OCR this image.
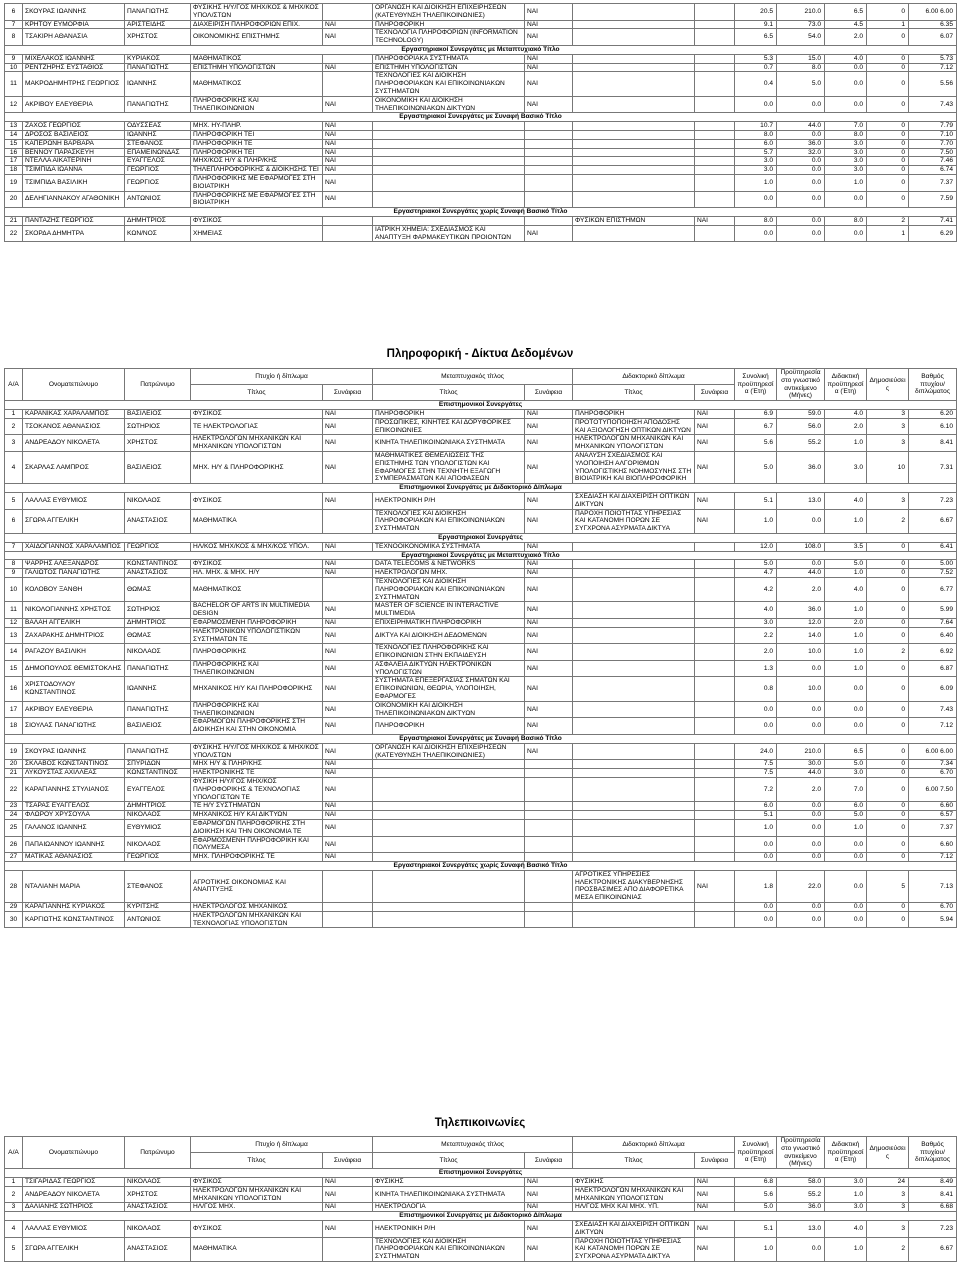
6	ΣΚΟΥΡΑΣ ΙΩΑΝΝΗΣ	ΠΑΝΑΓΙΩΤΗΣ	ΦΥΣΙΚΗΣ Η/Υ/ΓΟΣ ΜΗΧ/ΚΟΣ & ΜΗΧ/ΚΟΣ ΥΠΟΛ/ΣΤΩΝ		ΟΡΓΑΝΩΣΗ ΚΑΙ ΔΙΟΙΚΗΣΗ ΕΠΙΧΕΙΡΗΣΕΩΝ (ΚΑΤΕΥΘΥΝΣΗ ΤΗΛΕΠΙΚΟΙΝΩΝΙΕΣ)	ΝΑΙ			20.5	210.0	6.5	0	6.00 6.00
7	ΚΡΗΤΟΥ ΕΥΜΟΡΦΙΑ	ΑΡΙΣΤΕΙΔΗΣ	ΔΙΑΧΕΙΡΙΣΗ ΠΛΗΡΟΦΟΡΙΩΝ ΕΠΙΧ.	ΝΑΙ	ΠΛΗΡΟΦΟΡΙΚΗ	ΝΑΙ			9.1	73.0	4.5	1	6.35
8	ΤΣΑΚΙΡΗ ΑΘΑΝΑΣΙΑ	ΧΡΗΣΤΟΣ	ΟΙΚΟΝΟΜΙΚΗΣ ΕΠΙΣΤΗΜΗΣ	ΝΑΙ	ΤΕΧΝΟΛΟΓΙΑ ΠΛΗΡΟΦΟΡΙΩΝ (INFORMATION TECHNOLOGY)	ΝΑΙ			6.5	54.0	2.0	0	6.07
Εργαστηριακοί Συνεργάτες με Μεταπτυχιακό Τίτλο													
9	ΜΙΧΕΛΑΚΟΣ ΙΩΑΝΝΗΣ	ΚΥΡΙΑΚΟΣ	ΜΑΘΗΜΑΤΙΚΟΣ		ΠΛΗΡΟΦΟΡΙΑΚΑ ΣΥΣΤΗΜΑΤΑ	ΝΑΙ			5.3	15.0	4.0	0	5.73
10	ΡΕΝΤΖΗΡΗΣ ΕΥΣΤΑΘΙΟΣ	ΠΑΝΑΓΙΩΤΗΣ	ΕΠΙΣΤΗΜΗ ΥΠΟΛΟΓΙΣΤΩΝ	ΝΑΙ	ΕΠΙΣΤΗΜΗ ΥΠΟΛΟΓΙΣΤΩΝ	ΝΑΙ			0.7	8.0	0.0	0	7.12
11	ΜΑΚΡΟΔΗΜΗΤΡΗΣ ΓΕΩΡΓΙΟΣ	ΙΩΑΝΝΗΣ	ΜΑΘΗΜΑΤΙΚΟΣ		ΤΕΧΝΟΛΟΓΙΕΣ ΚΑΙ ΔΙΟΙΚΗΣΗ ΠΛΗΡΟΦΟΡΙΑΚΩΝ ΚΑΙ ΕΠΙΚΟΙΝΩΝΙΑΚΩΝ ΣΥΣΤΗΜΑΤΩΝ	ΝΑΙ			0.4	5.0	0.0	0	5.56
12	ΑΚΡΙΒΟΥ ΕΛΕΥΘΕΡΙΑ	ΠΑΝΑΓΙΩΤΗΣ	ΠΛΗΡΟΦΟΡΙΚΗΣ ΚΑΙ ΤΗΛΕΠΙΚΟΙΝΩΝΙΩΝ	ΝΑΙ	ΟΙΚΟΝΟΜΙΚΗ ΚΑΙ ΔΙΟΙΚΗΣΗ ΤΗΛΕΠΙΚΟΙΝΩΝΙΑΚΩΝ ΔΙΚΤΥΩΝ	ΝΑΙ			0.0	0.0	0.0	0	7.43
Εργαστηριακοί Συνεργάτες με Συναφή Βασικό Τίτλο													
13	ΖΑΧΟΣ ΓΕΩΡΓΙΟΣ	ΟΔΥΣΣΕΑΣ	ΜΗΧ. ΗΥ-ΠΛΗΡ.	ΝΑΙ					10.7	44.0	7.0	0	7.79
14	ΔΡΟΣΟΣ ΒΑΣΙΛΕΙΟΣ	ΙΩΑΝΝΗΣ	ΠΛΗΡΟΦΟΡΙΚΗ ΤΕΙ	ΝΑΙ					8.0	0.0	8.0	0	7.10
15	ΚΑΠΕΡΩΝΗ ΒΑΡΒΑΡΑ	ΣΤΕΦΑΝΟΣ	ΠΛΗΡΟΦΟΡΙΚΗ ΤΕ	ΝΑΙ					6.0	36.0	3.0	0	7.70
16	ΒΕΝΝΟΥ ΠΑΡΑΣΚΕΥΗ	ΕΠΑΜΕΙΝΩΝΔΑΣ	ΠΛΗΡΟΦΟΡΙΚΗ ΤΕΙ	ΝΑΙ					5.7	32.0	3.0	0	7.50
17	ΝΤΕΛΛΑ ΑΙΚΑΤΕΡΙΝΗ	ΕΥΑΓΓΕΛΟΣ	ΜΗΧ/ΚΟΣ Η/Υ & ΠΛΗΡ/ΚΗΣ	ΝΑΙ					3.0	0.0	3.0	0	7.46
18	ΤΣΙΜΠΙΔΑ ΙΩΑΝΝΑ	ΓΕΩΡΓΙΟΣ	ΤΗΛΕΠΛΗΡΟΦΟΡΙΚΗΣ & ΔΙΟΙΚΗΣΗΣ ΤΕΙ	ΝΑΙ					3.0	0.0	3.0	0	6.74
19	ΤΣΙΜΠΙΔΑ ΒΑΣΙΛΙΚΗ	ΓΕΩΡΓΙΟΣ	ΠΛΗΡΟΦΟΡΙΚΗΣ ΜΕ ΕΦΑΡΜΟΓΕΣ ΣΤΗ ΒΙΟΙΑΤΡΙΚΗ	ΝΑΙ					1.0	0.0	1.0	0	7.37
20	ΔΕΛΗΓΙΑΝΝΑΚΟΥ ΑΓΑΘΟΝΙΚΗ	ΑΝΤΩΝΙΟΣ	ΠΛΗΡΟΦΟΡΙΚΗΣ ΜΕ ΕΦΑΡΜΟΓΕΣ ΣΤΗ ΒΙΟΙΑΤΡΙΚΗ	ΝΑΙ					0.0	0.0	0.0	0	7.59
Εργαστηριακοί Συνεργάτες χωρίς Συναφή Βασικό Τίτλο													
21	ΠΑΝΤΑΖΗΣ ΓΕΩΡΓΙΟΣ	ΔΗΜΗΤΡΙΟΣ	ΦΥΣΙΚΟΣ				ΦΥΣΙΚΩΝ ΕΠΙΣΤΗΜΩΝ	ΝΑΙ	8.0	0.0	8.0	2	7.41
22	ΣΚΟΡΔΑ ΔΗΜΗΤΡΑ	ΚΩΝ/ΝΟΣ	ΧΗΜΕΙΑΣ		ΙΑΤΡΙΚΗ ΧΗΜΕΙΑ: ΣΧΕΔΙΑΣΜΟΣ ΚΑΙ ΑΝΑΠΤΥΞΗ ΦΑΡΜΑΚΕΥΤΙΚΩΝ ΠΡΟΙΟΝΤΩΝ	ΝΑΙ			0.0	0.0	0.0	1	6.29
Πληροφορική - Δίκτυα Δεδομένων
Α/Α	Ονοματεπώνυμο	Πατρώνυμο	Πτυχίο ή δίπλωμα		Μεταπτυχιακός τίτλος		Διδακτορικό δίπλωμα		Συνολική προϋπηρεσία (Έτη)	Προϋπηρεσία στο γνωστικό αντικείμενο (Μήνες)	Διδακτική προϋπηρεσία (Έτη)	Δημοσιεύσεις	Βαθμός πτυχίου/ διπλώματος
			Τίτλος	Συνάφεια	Τίτλος	Συνάφεια	Τίτλος	Συνάφεια					
Επιστημονικοί Συνεργάτες													
1	ΚΑΡΑΝΙΚΑΣ ΧΑΡΑΛΑΜΠΟΣ	ΒΑΣΙΛΕΙΟΣ	ΦΥΣΙΚΟΣ	ΝΑΙ	ΠΛΗΡΟΦΟΡΙΚΗ	ΝΑΙ	ΠΛΗΡΟΦΟΡΙΚΗ	ΝΑΙ	6.9	59.0	4.0	3	6.20
2	ΤΣΟΚΑΝΟΣ ΑΘΑΝΑΣΙΟΣ	ΣΩΤΗΡΙΟΣ	ΤΕ ΗΛΕΚΤΡΟΛΟΓΙΑΣ	ΝΑΙ	ΠΡΟΣΩΠΙΚΕΣ, ΚΙΝΗΤΕΣ ΚΑΙ ΔΟΡΥΦΟΡΙΚΕΣ ΕΠΙΚΟΙΝΩΝΙΕΣ	ΝΑΙ	ΠΡΟΤΟΤΥΠΟΠΟΙΗΣΗ ΑΠΟΔΟΣΗΣ ΚΑΙ ΑΞΙΟΛΟΓΗΣΗ ΟΠΤΙΚΩΝ ΔΙΚΤΥΩΝ	ΝΑΙ	6.7	56.0	2.0	3	6.10
3	ΑΝΔΡΕΑΔΟΥ ΝΙΚΟΛΕΤΑ	ΧΡΗΣΤΟΣ	ΗΛΕΚΤΡΟΛΟΓΩΝ ΜΗΧΑΝΙΚΩΝ ΚΑΙ ΜΗΧΑΝΙΚΩΝ ΥΠΟΛΟΓΙΣΤΩΝ	ΝΑΙ	ΚΙΝΗΤΑ ΤΗΛΕΠΙΚΟΙΝΩΝΙΑΚΑ ΣΥΣΤΗΜΑΤΑ	ΝΑΙ	ΗΛΕΚΤΡΟΛΟΓΩΝ ΜΗΧΑΝΙΚΩΝ ΚΑΙ ΜΗΧΑΝΙΚΩΝ ΥΠΟΛΟΓΙΣΤΩΝ	ΝΑΙ	5.6	55.2	1.0	3	8.41
4	ΣΚΑΡΛΑΣ ΛΑΜΠΡΟΣ	ΒΑΣΙΛΕΙΟΣ	ΜΗΧ. Η/Υ & ΠΛΗΡΟΦΟΡΙΚΗΣ	ΝΑΙ	ΜΑΘΗΜΑΤΙΚΕΣ ΘΕΜΕΛΙΩΣΕΙΣ ΤΗΣ ΕΠΙΣΤΗΜΗΣ ΤΩΝ ΥΠΟΛΟΓΙΣΤΩΝ ΚΑΙ ΕΦΑΡΜΟΓΕΣ ΣΤΗΝ ΤΕΧΝΗΤΗ ΕΞΑΓΩΓΗ ΣΥΜΠΕΡΑΣΜΑΤΩΝ ΚΑΙ ΑΠΟΦΑΣΕΩΝ	ΝΑΙ	ΑΝΑΛΥΣΗ ΣΧΕΔΙΑΣΜΟΣ ΚΑΙ ΥΛΟΠΟΙΗΣΗ ΑΛΓΟΡΙΘΜΩΝ ΥΠΟΛΟΓΙΣΤΙΚΗΣ ΝΟΗΜΟΣΥΝΗΣ ΣΤΗ ΒΙΟΙΑΤΡΙΚΗ ΚΑΙ ΒΙΟΠΛΗΡΟΦΟΡΙΚΗ	ΝΑΙ	5.0	36.0	3.0	10	7.31
Επιστημονικοί Συνεργάτες με Διδακτορικό Δίπλωμα													
5	ΛΑΛΛΑΣ ΕΥΘΥΜΙΟΣ	ΝΙΚΟΛΑΟΣ	ΦΥΣΙΚΟΣ	ΝΑΙ	ΗΛΕΚΤΡΟΝΙΚΗ Ρ/Η	ΝΑΙ	ΣΧΕΔΙΑΣΗ ΚΑΙ ΔΙΑΧΕΙΡΙΣΗ ΟΠΤΙΚΩΝ ΔΙΚΤΥΩΝ	ΝΑΙ	5.1	13.0	4.0	3	7.23
6	ΣΓΩΡΑ ΑΓΓΕΛΙΚΗ	ΑΝΑΣΤΑΣΙΟΣ	ΜΑΘΗΜΑΤΙΚΑ		ΤΕΧΝΟΛΟΓΙΕΣ ΚΑΙ ΔΙΟΙΚΗΣΗ ΠΛΗΡΟΦΟΡΙΑΚΩΝ ΚΑΙ ΕΠΙΚΟΙΝΩΝΙΑΚΩΝ ΣΥΣΤΗΜΑΤΩΝ	ΝΑΙ	ΠΑΡΟΧΗ ΠΟΙΟΤΗΤΑΣ ΥΠΗΡΕΣΙΑΣ ΚΑΙ ΚΑΤΑΝΟΜΗ ΠΟΡΩΝ ΣΕ ΣΥΓΧΡΟΝΑ ΑΣΥΡΜΑΤΑ ΔΙΚΤΥΑ	ΝΑΙ	1.0	0.0	1.0	2	6.67
Εργαστηριακοί Συνεργάτες													
7	ΧΑΪΔΟΓΙΑΝΝΟΣ ΧΑΡΑΛΑΜΠΟΣ	ΓΕΩΡΓΙΟΣ	ΗΛ/ΚΟΣ ΜΗΧ/ΚΟΣ & ΜΗΧ/ΚΟΣ ΥΠΟΛ.	ΝΑΙ	ΤΕΧΝΟΟΙΚΟΝΟΜΙΚΑ ΣΥΣΤΗΜΑΤΑ	ΝΑΙ			12.0	108.0	3.5	0	6.41
Εργαστηριακοί Συνεργάτες με Μεταπτυχιακό Τίτλο													
8	ΨΑΡΡΗΣ ΑΛΕΞΑΝΔΡΟΣ	ΚΩΝΣΤΑΝΤΙΝΟΣ	ΦΥΣΙΚΟΣ	ΝΑΙ	DATA TELECOMS & NETWORKS	ΝΑΙ			5.0	0.0	5.0	0	5.00
9	ΓΑΛΙΩΤΟΣ ΠΑΝΑΓΙΩΤΗΣ	ΑΝΑΣΤΑΣΙΟΣ	ΗΛ. ΜΗΧ. & ΜΗΧ. Η/Υ	ΝΑΙ	ΗΛΕΚΤΡΟΛΟΓΩΝ ΜΗΧ.	ΝΑΙ			4.7	44.0	1.0	0	7.52
10	ΚΟΛΟΒΟΥ ΞΑΝΘΗ	ΘΩΜΑΣ	ΜΑΘΗΜΑΤΙΚΟΣ		ΤΕΧΝΟΛΟΓΙΕΣ ΚΑΙ ΔΙΟΙΚΗΣΗ ΠΛΗΡΟΦΟΡΙΑΚΩΝ ΚΑΙ ΕΠΙΚΟΙΝΩΝΙΑΚΩΝ ΣΥΣΤΗΜΑΤΩΝ	ΝΑΙ			4.2	2.0	4.0	0	6.77
11	ΝΙΚΟΛΟΓΙΑΝΝΗΣ ΧΡΗΣΤΟΣ	ΣΩΤΗΡΙΟΣ	BACHELOR OF ARTS IN MULTIMEDIA DESIGN	ΝΑΙ	MASTER OF SCIENCE IN INTERACTIVE MULTIMEDIA	ΝΑΙ			4.0	36.0	1.0	0	5.99
12	ΒΑΛΑΗ ΑΓΓΕΛΙΚΗ	ΔΗΜΗΤΡΙΟΣ	ΕΦΑΡΜΟΣΜΕΝΗ ΠΛΗΡΟΦΟΡΙΚΗ	ΝΑΙ	ΕΠΙΧΕΙΡΗΜΑΤΙΚΗ ΠΛΗΡΟΦΟΡΙΚΗ	ΝΑΙ			3.0	12.0	2.0	0	7.64
13	ΖΑΧΑΡΑΚΗΣ ΔΗΜΗΤΡΙΟΣ	ΘΩΜΑΣ	ΗΛΕΚΤΡΟΝΙΚΩΝ ΥΠΟΛΟΓΙΣΤΙΚΩΝ ΣΥΣΤΗΜΑΤΩΝ ΤΕ	ΝΑΙ	ΔΙΚΤΥΑ ΚΑΙ ΔΙΟΙΚΗΣΗ ΔΕΔΟΜΕΝΩΝ	ΝΑΙ			2.2	14.0	1.0	0	6.40
14	ΡΑΓΑΖΟΥ ΒΑΣΙΛΙΚΗ	ΝΙΚΟΛΑΟΣ	ΠΛΗΡΟΦΟΡΙΚΗΣ	ΝΑΙ	ΤΕΧΝΟΛΟΓΙΕΣ ΠΛΗΡΟΦΟΡΙΚΗΣ ΚΑΙ ΕΠΙΚΟΙΝΩΝΙΩΝ ΣΤΗΝ ΕΚΠΑΙΔΕΥΣΗ	ΝΑΙ			2.0	10.0	1.0	2	6.92
15	ΔΗΜΟΠΟΥΛΟΣ ΘΕΜΙΣΤΟΚΛΗΣ	ΠΑΝΑΓΙΩΤΗΣ	ΠΛΗΡΟΦΟΡΙΚΗΣ ΚΑΙ ΤΗΛΕΠΙΚΟΙΝΩΝΙΩΝ	ΝΑΙ	ΑΣΦΑΛΕΙΑ ΔΙΚΤΥΩΝ ΗΛΕΚΤΡΟΝΙΚΩΝ ΥΠΟΛΟΓΙΣΤΩΝ	ΝΑΙ			1.3	0.0	1.0	0	6.87
16	ΧΡΙΣΤΟΔΟΥΛΟΥ ΚΩΝΣΤΑΝΤΙΝΟΣ	ΙΩΑΝΝΗΣ	ΜΗΧΑΝΙΚΟΣ Η/Υ ΚΑΙ ΠΛΗΡΟΦΟΡΙΚΗΣ	ΝΑΙ	ΣΥΣΤΗΜΑΤΑ ΕΠΕΞΕΡΓΑΣΙΑΣ ΣΗΜΑΤΩΝ ΚΑΙ ΕΠΙΚΟΙΝΩΝΙΩΝ, ΘΕΩΡΙΑ, ΥΛΟΠΟΙΗΣΗ, ΕΦΑΡΜΟΓΕΣ	ΝΑΙ			0.8	10.0	0.0	0	6.09
17	ΑΚΡΙΒΟΥ ΕΛΕΥΘΕΡΙΑ	ΠΑΝΑΓΙΩΤΗΣ	ΠΛΗΡΟΦΟΡΙΚΗΣ ΚΑΙ ΤΗΛΕΠΙΚΟΙΝΩΝΙΩΝ	ΝΑΙ	ΟΙΚΟΝΟΜΙΚΗ ΚΑΙ ΔΙΟΙΚΗΣΗ ΤΗΛΕΠΙΚΟΙΝΩΝΙΑΚΩΝ ΔΙΚΤΥΩΝ	ΝΑΙ			0.0	0.0	0.0	0	7.43
18	ΣΙΟΥΛΑΣ ΠΑΝΑΓΙΩΤΗΣ	ΒΑΣΙΛΕΙΟΣ	ΕΦΑΡΜΟΓΩΝ ΠΛΗΡΟΦΟΡΙΚΗΣ ΣΤΗ ΔΙΟΙΚΗΣΗ ΚΑΙ ΣΤΗΝ ΟΙΚΟΝΟΜΙΑ	ΝΑΙ	ΠΛΗΡΟΦΟΡΙΚΗ	ΝΑΙ			0.0	0.0	0.0	0	7.12
Εργαστηριακοί Συνεργάτες με Συναφή Βασικό Τίτλο													
19	ΣΚΟΥΡΑΣ ΙΩΑΝΝΗΣ	ΠΑΝΑΓΙΩΤΗΣ	ΦΥΣΙΚΗΣ Η/Υ/ΓΟΣ ΜΗΧ/ΚΟΣ & ΜΗΧ/ΚΟΣ ΥΠΟΛ/ΣΤΩΝ	ΝΑΙ	ΟΡΓΑΝΩΣΗ ΚΑΙ ΔΙΟΙΚΗΣΗ ΕΠΙΧΕΙΡΗΣΕΩΝ (ΚΑΤΕΥΘΥΝΣΗ ΤΗΛΕΠΙΚΟΙΝΩΝΙΕΣ)	ΝΑΙ			24.0	210.0	6.5	0	6.00 6.00
20	ΣΚΛΑΒΟΣ ΚΩΝΣΤΑΝΤΙΝΟΣ	ΣΠΥΡΙΔΩΝ	ΜΗΧ Η/Υ & ΠΛΗΡ/ΚΗΣ	ΝΑΙ					7.5	30.0	5.0	0	7.34
21	ΛΥΚΟΥΣΤΑΣ ΑΧΙΛΛΕΑΣ	ΚΩΝΣΤΑΝΤΙΝΟΣ	ΗΛΕΚΤΡΟΝΙΚΗΣ ΤΕ	ΝΑΙ					7.5	44.0	3.0	0	6.70
22	ΚΑΡΑΓΙΑΝΝΗΣ ΣΤΥΛΙΑΝΟΣ	ΕΥΑΓΓΕΛΟΣ	ΦΥΣΙΚΗ Η/Υ/ΓΟΣ ΜΗΧ/ΚΟΣ ΠΛΗΡΟΦΟΡΙΚΗΣ & ΤΕΧΝΟΛΟΓΙΑΣ ΥΠΟΛΟΓΙΣΤΩΝ ΤΕ	ΝΑΙ					7.2	2.0	7.0	0	6.00 7.50
23	ΤΣΑΡΑΣ ΕΥΑΓΓΕΛΟΣ	ΔΗΜΗΤΡΙΟΣ	ΤΕ Η/Υ ΣΥΣΤΗΜΑΤΩΝ	ΝΑΙ					6.0	0.0	6.0	0	6.60
24	ΦΛΩΡΟΥ ΧΡΥΣΟΥΛΑ	ΝΙΚΟΛΑΟΣ	ΜΗΧΑΝΙΚΟΣ Η/Υ ΚΑΙ ΔΙΚΤΥΩΝ	ΝΑΙ					5.1	0.0	5.0	0	6.57
25	ΓΑΛΑΝΟΣ ΙΩΑΝΝΗΣ	ΕΥΘΥΜΙΟΣ	ΕΦΑΡΜΟΓΩΝ ΠΛΗΡΟΦΟΡΙΚΗΣ ΣΤΗ ΔΙΟΙΚΗΣΗ ΚΑΙ ΤΗΝ ΟΙΚΟΝΟΜΙΑ ΤΕ	ΝΑΙ					1.0	0.0	1.0	0	7.37
26	ΠΑΠΑΙΩΑΝΝΟΥ ΙΩΑΝΝΗΣ	ΝΙΚΟΛΑΟΣ	ΕΦΑΡΜΟΣΜΕΝΗ ΠΛΗΡΟΦΟΡΙΚΗ ΚΑΙ ΠΟΛΥΜΕΣΑ	ΝΑΙ					0.0	0.0	0.0	0	6.60
27	ΜΑΤΙΚΑΣ ΑΘΑΝΑΣΙΟΣ	ΓΕΩΡΓΙΟΣ	ΜΗΧ. ΠΛΗΡΟΦΟΡΙΚΗΣ ΤΕ	ΝΑΙ					0.0	0.0	0.0	0	7.12
Εργαστηριακοί Συνεργάτες χωρίς Συναφή Βασικό Τίτλο													
28	ΝΤΑΛΙΑΝΗ ΜΑΡΙΑ	ΣΤΕΦΑΝΟΣ	ΑΓΡΟΤΙΚΗΣ ΟΙΚΟΝΟΜΙΑΣ ΚΑΙ ΑΝΑΠΤΥΞΗΣ				ΑΓΡΟΤΙΚΕΣ ΥΠΗΡΕΣΙΕΣ ΗΛΕΚΤΡΟΝΙΚΗΣ ΔΙΑΚΥΒΕΡΝΗΣΗΣ ΠΡΟΣΒΑΣΙΜΕΣ ΑΠΟ ΔΙΑΦΟΡΕΤΙΚΑ ΜΕΣΑ ΕΠΙΚΟΙΝΩΝΙΑΣ	ΝΑΙ	1.8	22.0	0.0	5	7.13
29	ΚΑΡΑΓΙΑΝΝΗΣ ΚΥΡΙΑΚΟΣ	ΚΥΡΙΤΣΗΣ	ΗΛΕΚΤΡΟΛΟΓΟΣ ΜΗΧΑΝΙΚΟΣ						0.0	0.0	0.0	0	6.70
30	ΚΑΡΓΙΩΤΗΣ ΚΩΝΣΤΑΝΤΙΝΟΣ	ΑΝΤΩΝΙΟΣ	ΗΛΕΚΤΡΟΛΟΓΩΝ ΜΗΧΑΝΙΚΩΝ ΚΑΙ ΤΕΧΝΟΛΟΓΙΑΣ ΥΠΟΛΟΓΙΣΤΩΝ						0.0	0.0	0.0	0	5.94
Τηλεπικοινωνίες
Α/Α	Ονοματεπώνυμο	Πατρώνυμο	Πτυχίο ή δίπλωμα		Μεταπτυχιακός τίτλος		Διδακτορικό δίπλωμα		Συνολική προϋπηρεσία (Έτη)	Προϋπηρεσία στο γνωστικό αντικείμενο (Μήνες)	Διδακτική προϋπηρεσία (Έτη)	Δημοσιεύσεις	Βαθμός πτυχίου/ διπλώματος
			Τίτλος	Συνάφεια	Τίτλος	Συνάφεια	Τίτλος	Συνάφεια					
Επιστημονικοί Συνεργάτες													
1	ΤΣΙΓΑΡΙΔΑΣ ΓΕΩΡΓΙΟΣ	ΝΙΚΟΛΑΟΣ	ΦΥΣΙΚΟΣ	ΝΑΙ	ΦΥΣΙΚΗΣ	ΝΑΙ	ΦΥΣΙΚΗΣ	ΝΑΙ	6.8	58.0	3.0	24	8.49
2	ΑΝΔΡΕΑΔΟΥ ΝΙΚΟΛΕΤΑ	ΧΡΗΣΤΟΣ	ΗΛΕΚΤΡΟΛΟΓΩΝ ΜΗΧΑΝΙΚΩΝ ΚΑΙ ΜΗΧΑΝΙΚΩΝ ΥΠΟΛΟΓΙΣΤΩΝ	ΝΑΙ	ΚΙΝΗΤΑ ΤΗΛΕΠΙΚΟΙΝΩΝΙΑΚΑ ΣΥΣΤΗΜΑΤΑ	ΝΑΙ	ΗΛΕΚΤΡΟΛΟΓΩΝ ΜΗΧΑΝΙΚΩΝ ΚΑΙ ΜΗΧΑΝΙΚΩΝ ΥΠΟΛΟΓΙΣΤΩΝ	ΝΑΙ	5.6	55.2	1.0	3	8.41
3	ΔΑΛΙΑΝΗΣ ΣΩΤΗΡΙΟΣ	ΑΝΑΣΤΑΣΙΟΣ	ΗΛ/ΓΟΣ ΜΗΧ.	ΝΑΙ	ΗΛΕΚΤΡΟΛΟΓΙΑ	ΝΑΙ	ΗΛ/ΓΟΣ ΜΗΧ ΚΑΙ ΜΗΧ. ΥΠ.	ΝΑΙ	5.0	36.0	3.0	3	6.68
Επιστημονικοί Συνεργάτες με Διδακτορικό Δίπλωμα													
4	ΛΑΛΛΑΣ ΕΥΘΥΜΙΟΣ	ΝΙΚΟΛΑΟΣ	ΦΥΣΙΚΟΣ	ΝΑΙ	ΗΛΕΚΤΡΟΝΙΚΗ Ρ/Η	ΝΑΙ	ΣΧΕΔΙΑΣΗ ΚΑΙ ΔΙΑΧΕΙΡΙΣΗ ΟΠΤΙΚΩΝ ΔΙΚΤΥΩΝ	ΝΑΙ	5.1	13.0	4.0	3	7.23
5	ΣΓΩΡΑ ΑΓΓΕΛΙΚΗ	ΑΝΑΣΤΑΣΙΟΣ	ΜΑΘΗΜΑΤΙΚΑ		ΤΕΧΝΟΛΟΓΙΕΣ ΚΑΙ ΔΙΟΙΚΗΣΗ ΠΛΗΡΟΦΟΡΙΑΚΩΝ ΚΑΙ ΕΠΙΚΟΙΝΩΝΙΑΚΩΝ ΣΥΣΤΗΜΑΤΩΝ	ΝΑΙ	ΠΑΡΟΧΗ ΠΟΙΟΤΗΤΑΣ ΥΠΗΡΕΣΙΑΣ ΚΑΙ ΚΑΤΑΝΟΜΗ ΠΟΡΩΝ ΣΕ ΣΥΓΧΡΟΝΑ ΑΣΥΡΜΑΤΑ ΔΙΚΤΥΑ	ΝΑΙ	1.0	0.0	1.0	2	6.67
